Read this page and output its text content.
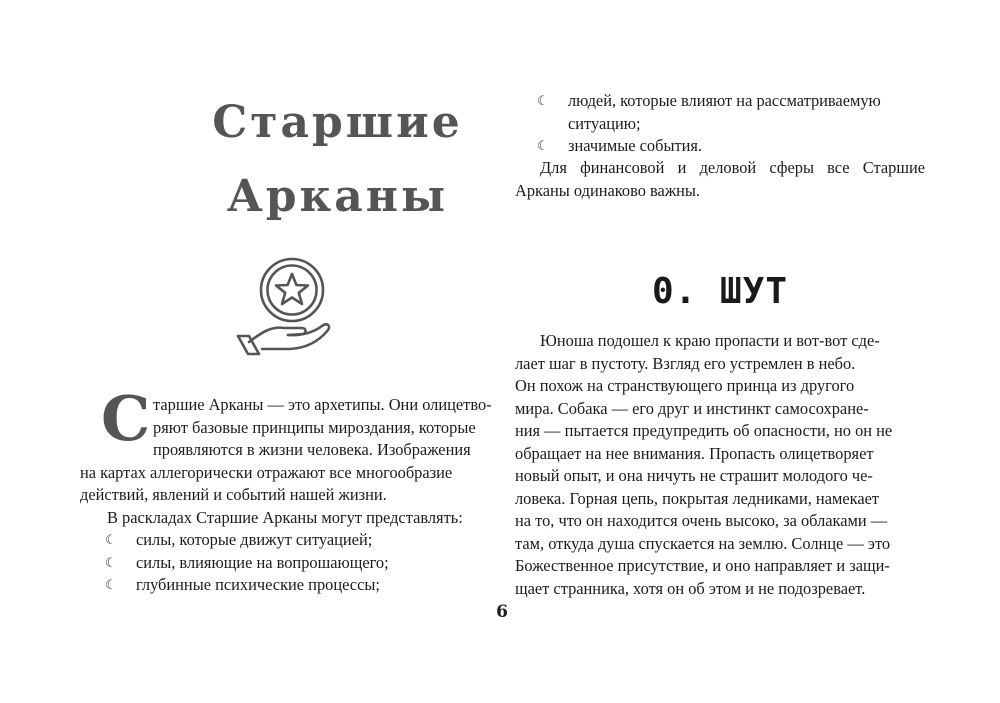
Старшие
Арканы
С таршие Арканы — это архетипы. Они олицетво-
ряют базовые принципы мироздания, которые
проявляются в жизни человека. Изображения
на картах аллегорически отражают все многообразие
действий, явлений и событий нашей жизни.
В раскладах Старшие Арканы могут представлять:
☾ силы, которые движут ситуацией;
☾ силы, влияющие на вопрошающего;
☾ глубинные психические процессы;
☾ людей, которые влияют на рассматриваемую ситуацию;
☾ значимые события.

Для финансовой и деловой сферы все Старшие Арканы одинаково важны.

0. ШУТ
Юноша подошел к краю пропасти и вот-вот сде-
лает шаг в пустоту. Взгляд его устремлен в небо.
Он похож на странствующего принца из другого
мира. Собака — его друг и инстинкт самосохране-
ния — пытается предупредить об опасности, но он не
обращает на нее внимания. Пропасть олицетворяет
новый опыт, и она ничуть не страшит молодого че-
ловека. Горная цепь, покрытая ледниками, намекает
на то, что он находится очень высоко, за облаками —
там, откуда душа спускается на землю. Солнце — это
Божественное присутствие, и оно направляет и защи-
щает странника, хотя он об этом и не подозревает.
6
